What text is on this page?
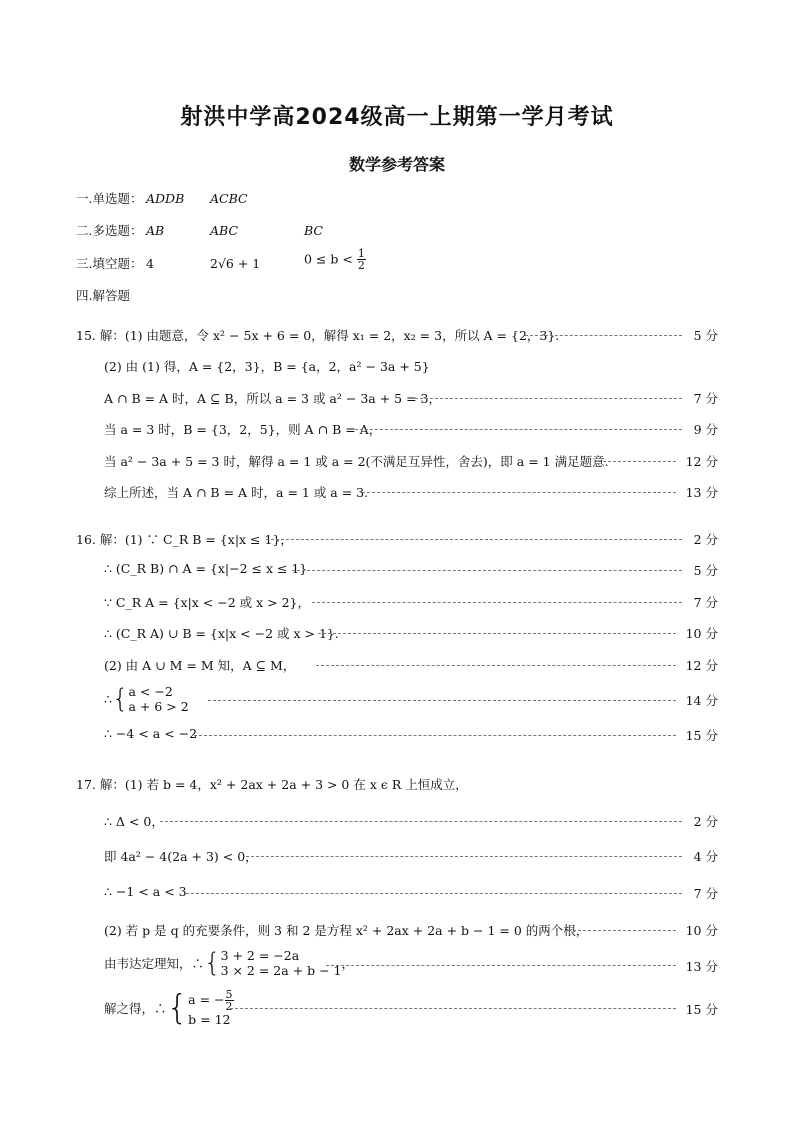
射洪中学高2024级高一上期第一学月考试
数学参考答案
一.单选题： ADDB ACBC
二.多选题： AB	ABC	BC
三.填空题： 4	2√6 + 1	$0 \le b < \frac{1}{2}$
四.解答题
15. 解：(1) 由题意，令 x² − 5x + 6 = 0，解得 x₁ = 2，x₂ = 3，所以 A = {2，3}.	5 分
(2) 由 (1) 得，A = {2，3}，B = {a，2，a² − 3a + 5}
A ∩ B = A 时，A ⊆ B，所以 a = 3 或 a² − 3a + 5 = 3，	7 分
当 a = 3 时，B = {3，2，5}，则 A ∩ B = A，	9 分
当 a² − 3a + 5 = 3 时，解得 a = 1 或 a = 2(不满足互异性，舍去)，即 a = 1 满足题意.	12 分
综上所述，当 A ∩ B = A 时，a = 1 或 a = 3.	13 分
16. 解：(1) ∵ C_R B = {x|x ≤ 1}，	2 分
∴ (C_R B) ∩ A = {x|−2 ≤ x ≤ 1}	5 分
∵ C_R A = {x|x < −2 或 x > 2}，	7 分
∴ (C_R A) ∪ B = {x|x < −2 或 x > 1}.	10 分
(2) 由 A ∪ M = M 知，A ⊆ M，	12 分
∴{ a < −2
a + 6 > 2	14 分
∴ −4 < a < −2	15 分
17. 解：(1) 若 b = 4，x² + 2ax + 2a + 3 > 0 在 x ϵ R 上恒成立，
∴ Δ < 0，	2 分
即 4a² − 4(2a + 3) < 0，	4 分
∴ −1 < a < 3	7 分
(2) 若 p 是 q 的充要条件，则 3 和 2 是方程 x² + 2ax + 2a + b − 1 = 0 的两个根，	10 分
由韦达定理知，∴{ 3 + 2 = −2a
3 × 2 = 2a + b − 1 ，	13 分
解之得，∴{ a = − $\frac{5}{2}$
b = 12
15 分
